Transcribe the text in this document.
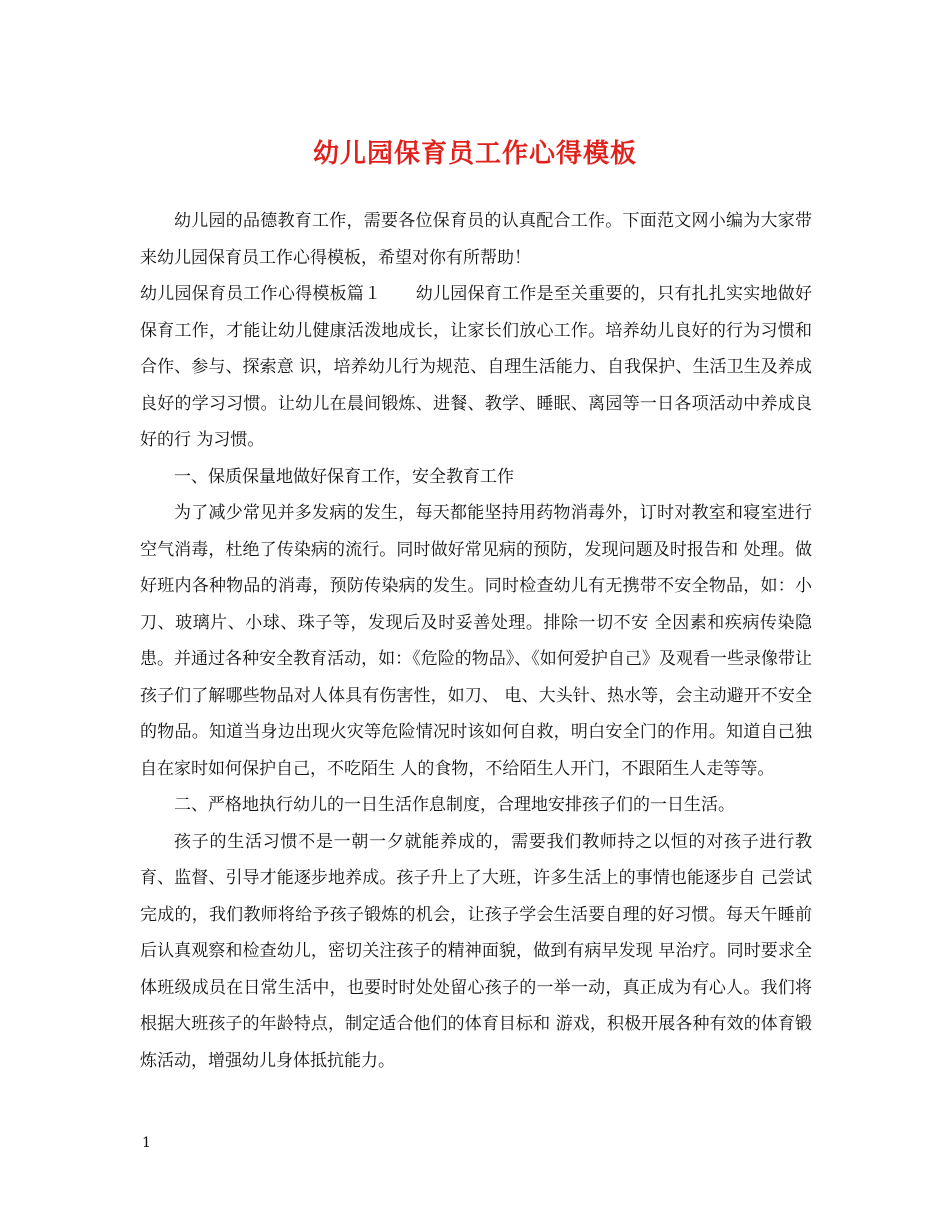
幼儿园保育员工作心得模板

幼儿园的品德教育工作，需要各位保育员的认真配合工作。下面范文网小编为大家带来幼儿园保育员工作心得模板，希望对你有所帮助！

幼儿园保育员工作心得模板篇１　　幼儿园保育工作是至关重要的，只有扎扎实实地做好保育工作，才能让幼儿健康活泼地成长，让家长们放心工作。培养幼儿良好的行为习惯和合作、参与、探索意 识，培养幼儿行为规范、自理生活能力、自我保护、生活卫生及养成良好的学习习惯。让幼儿在晨间锻炼、进餐、教学、睡眠、离园等一日各项活动中养成良好的行 为习惯。

一、保质保量地做好保育工作，安全教育工作

为了减少常见并多发病的发生，每天都能坚持用药物消毒外，订时对教室和寝室进行空气消毒，杜绝了传染病的流行。同时做好常见病的预防，发现问题及时报告和 处理。做好班内各种物品的消毒，预防传染病的发生。同时检查幼儿有无携带不安全物品，如：小刀、玻璃片、小球、珠子等，发现后及时妥善处理。排除一切不安 全因素和疾病传染隐患。并通过各种安全教育活动，如：《危险的物品》、《如何爱护自己》及观看一些录像带让孩子们了解哪些物品对人体具有伤害性，如刀、 电、大头针、热水等，会主动避开不安全的物品。知道当身边出现火灾等危险情况时该如何自救，明白安全门的作用。知道自己独自在家时如何保护自己，不吃陌生 人的食物，不给陌生人开门，不跟陌生人走等等。

二、严格地执行幼儿的一日生活作息制度，合理地安排孩子们的一日生活。

孩子的生活习惯不是一朝一夕就能养成的，需要我们教师持之以恒的对孩子进行教育、监督、引导才能逐步地养成。孩子升上了大班，许多生活上的事情也能逐步自 己尝试完成的，我们教师将给予孩子锻炼的机会，让孩子学会生活要自理的好习惯。每天午睡前后认真观察和检查幼儿，密切关注孩子的精神面貌，做到有病早发现 早治疗。同时要求全体班级成员在日常生活中，也要时时处处留心孩子的一举一动，真正成为有心人。我们将根据大班孩子的年龄特点，制定适合他们的体育目标和 游戏，积极开展各种有效的体育锻炼活动，增强幼儿身体抵抗能力。

1
